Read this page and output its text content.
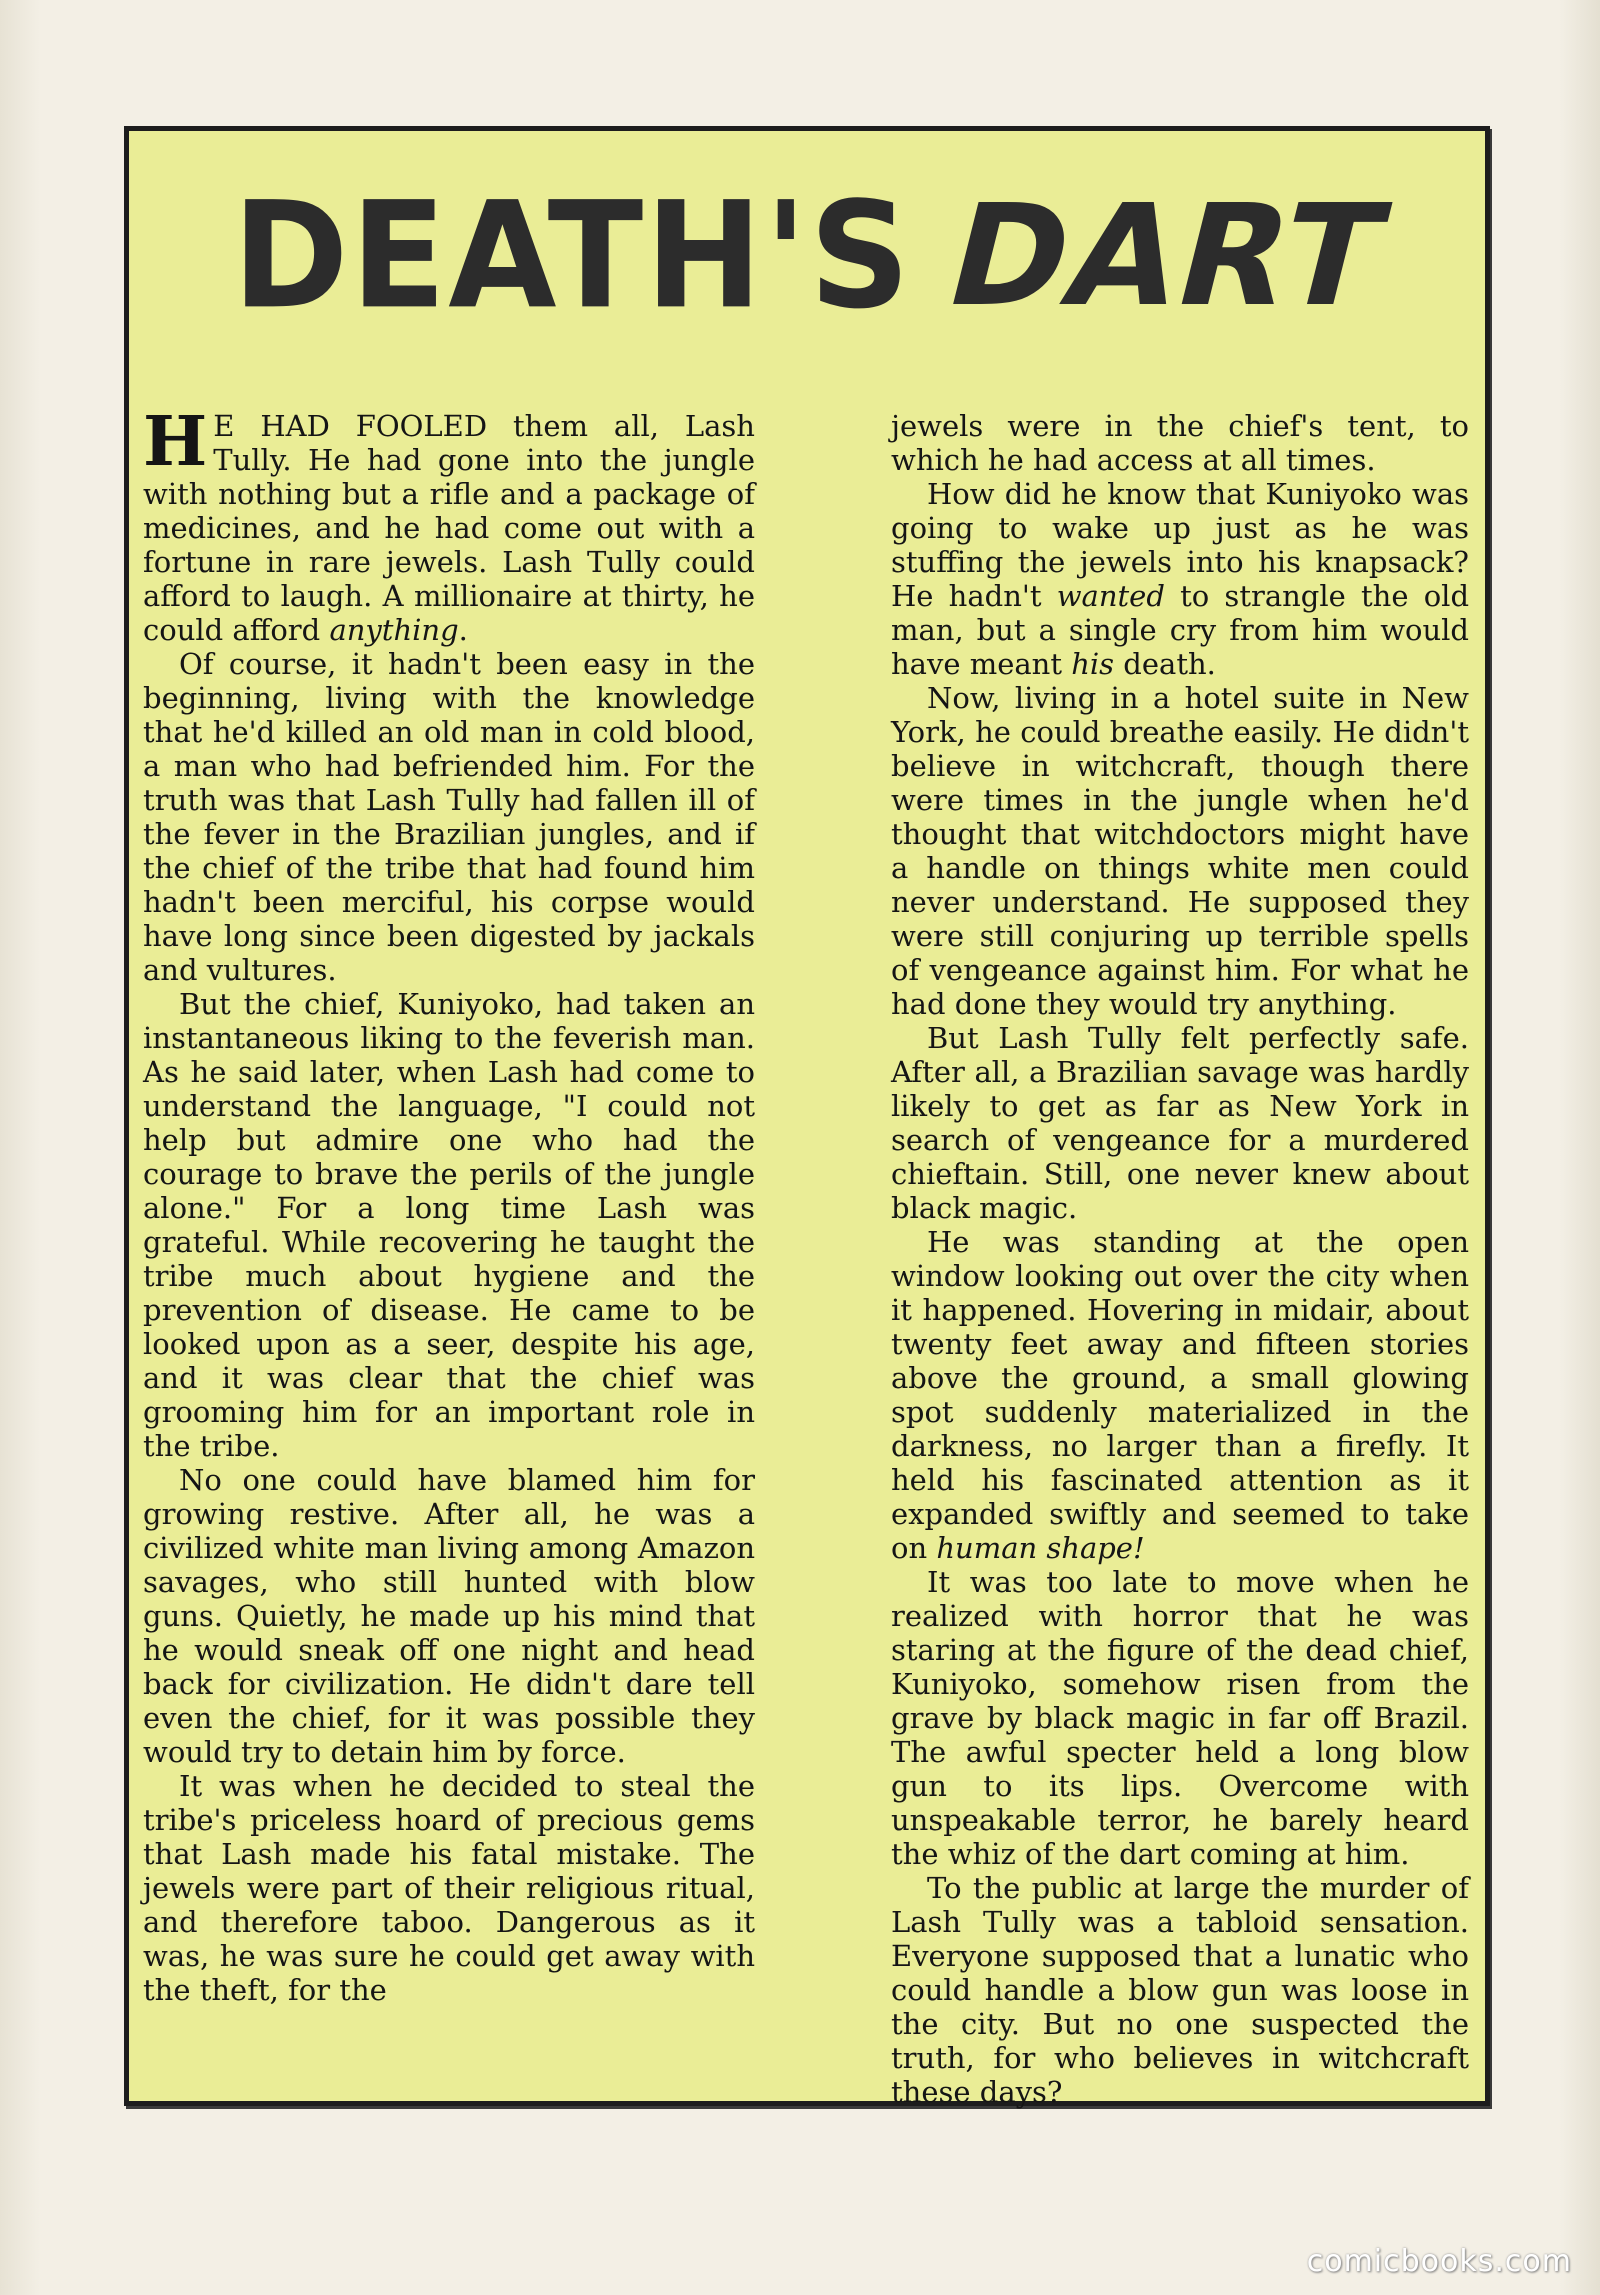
DEATH'S DART

H E HAD FOOLED them all, Lash Tully. He had gone into the jungle with nothing but a rifle and a package of medicines, and he had come out with a fortune in rare jewels. Lash Tully could afford to laugh. A millionaire at thirty, he could afford anything.

Of course, it hadn't been easy in the beginning, living with the knowledge that he'd killed an old man in cold blood, a man who had befriended him. For the truth was that Lash Tully had fallen ill of the fever in the Brazilian jungles, and if the chief of the tribe that had found him hadn't been merciful, his corpse would have long since been digested by jackals and vultures.

But the chief, Kuniyoko, had taken an instantaneous liking to the feverish man. As he said later, when Lash had come to understand the language, "I could not help but admire one who had the courage to brave the perils of the jungle alone." For a long time Lash was grateful. While recovering he taught the tribe much about hygiene and the prevention of disease. He came to be looked upon as a seer, despite his age, and it was clear that the chief was grooming him for an important role in the tribe.

No one could have blamed him for growing restive. After all, he was a civilized white man living among Amazon savages, who still hunted with blow guns. Quietly, he made up his mind that he would sneak off one night and head back for civilization. He didn't dare tell even the chief, for it was possible they would try to detain him by force.

It was when he decided to steal the tribe's priceless hoard of precious gems that Lash made his fatal mistake. The jewels were part of their religious ritual, and therefore taboo. Dangerous as it was, he was sure he could get away with the theft, for the

jewels were in the chief's tent, to which he had access at all times.

How did he know that Kuniyoko was going to wake up just as he was stuffing the jewels into his knapsack? He hadn't wanted to strangle the old man, but a single cry from him would have meant his death.

Now, living in a hotel suite in New York, he could breathe easily. He didn't believe in witchcraft, though there were times in the jungle when he'd thought that witchdoctors might have a handle on things white men could never understand. He supposed they were still conjuring up terrible spells of vengeance against him. For what he had done they would try anything.

But Lash Tully felt perfectly safe. After all, a Brazilian savage was hardly likely to get as far as New York in search of vengeance for a murdered chieftain. Still, one never knew about black magic.

He was standing at the open window looking out over the city when it happened. Hovering in midair, about twenty feet away and fifteen stories above the ground, a small glowing spot suddenly materialized in the darkness, no larger than a firefly. It held his fascinated attention as it expanded swiftly and seemed to take on human shape!

It was too late to move when he realized with horror that he was staring at the figure of the dead chief, Kuniyoko, somehow risen from the grave by black magic in far off Brazil. The awful specter held a long blow gun to its lips. Overcome with unspeakable terror, he barely heard the whiz of the dart coming at him.

To the public at large the murder of Lash Tully was a tabloid sensation. Everyone supposed that a lunatic who could handle a blow gun was loose in the city. But no one suspected the truth, for who believes in witchcraft these days?

comicbooks.com
